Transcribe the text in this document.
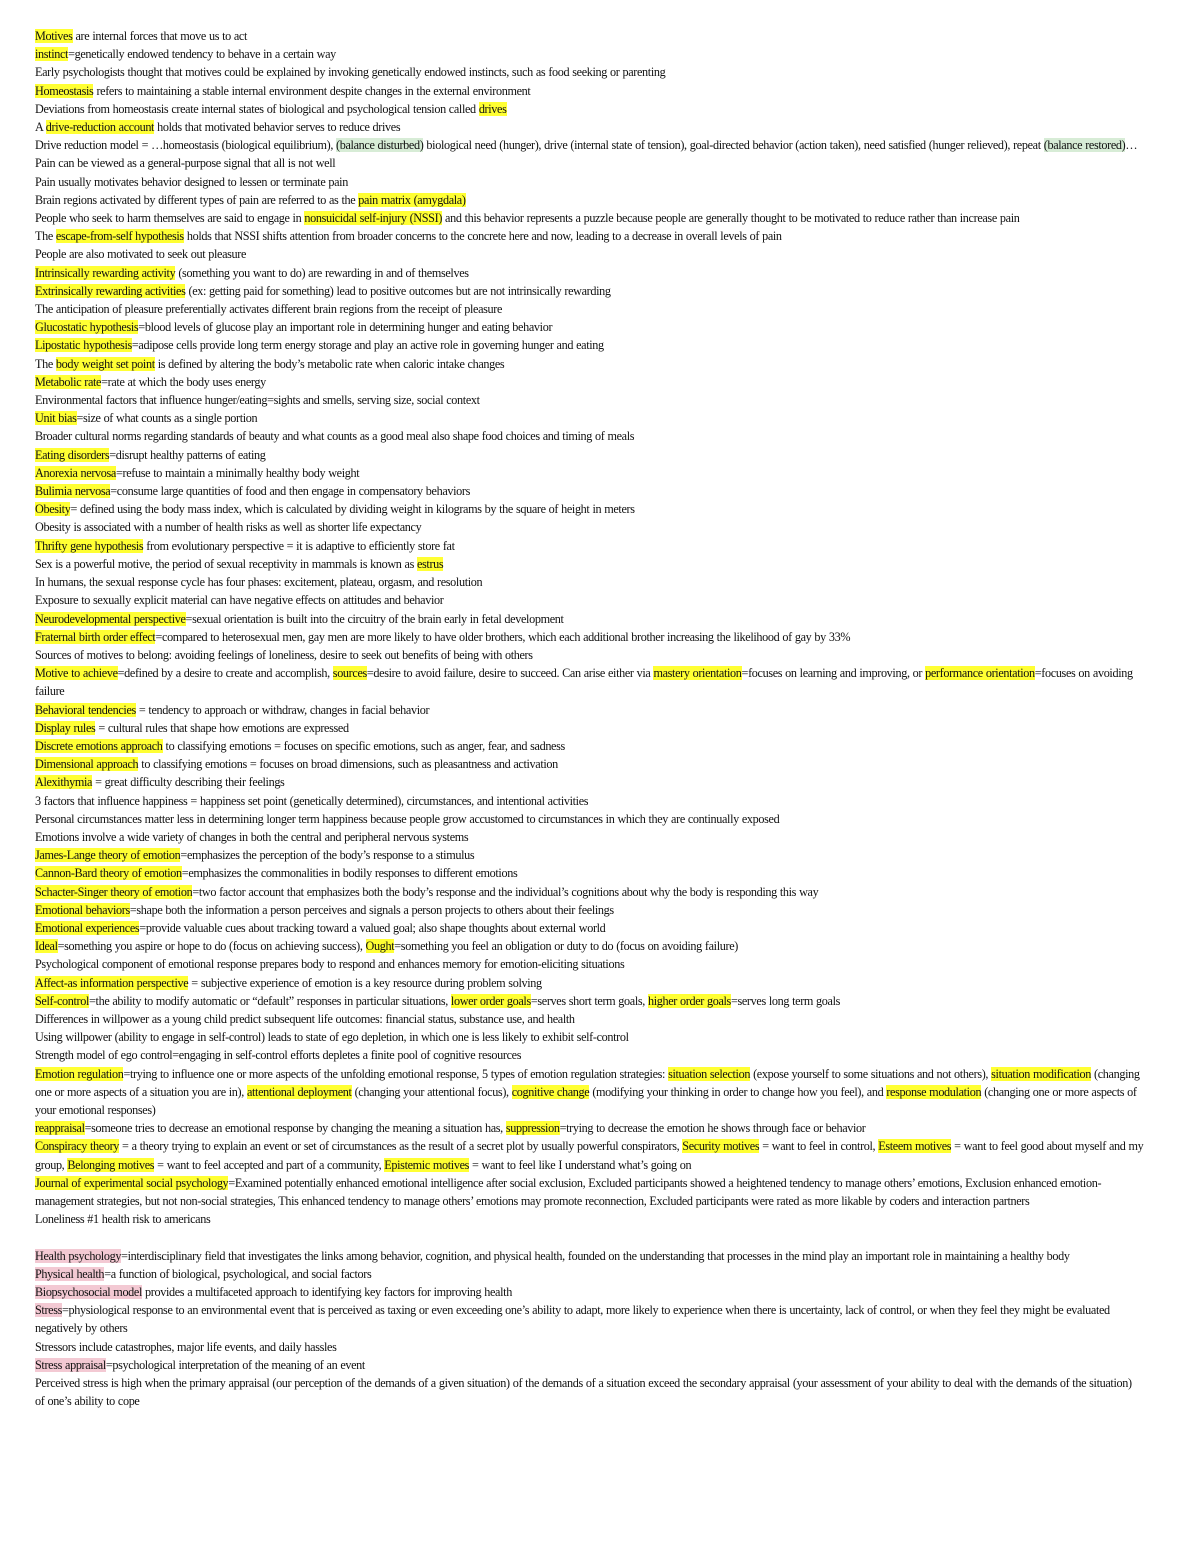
Motives are internal forces that move us to act
instinct=genetically endowed tendency to behave in a certain way
Early psychologists thought that motives could be explained by invoking genetically endowed instincts, such as food seeking or parenting
Homeostasis refers to maintaining a stable internal environment despite changes in the external environment
Deviations from homeostasis create internal states of biological and psychological tension called drives
A drive-reduction account holds that motivated behavior serves to reduce drives
Drive reduction model = …homeostasis (biological equilibrium), (balance disturbed) biological need (hunger), drive (internal state of tension), goal-directed behavior (action taken), need satisfied (hunger relieved), repeat (balance restored)…
Pain can be viewed as a general-purpose signal that all is not well
Pain usually motivates behavior designed to lessen or terminate pain
Brain regions activated by different types of pain are referred to as the pain matrix (amygdala)
People who seek to harm themselves are said to engage in nonsuicidal self-injury (NSSI) and this behavior represents a puzzle because people are generally thought to be motivated to reduce rather than increase pain
The escape-from-self hypothesis holds that NSSI shifts attention from broader concerns to the concrete here and now, leading to a decrease in overall levels of pain
People are also motivated to seek out pleasure
Intrinsically rewarding activity (something you want to do) are rewarding in and of themselves
Extrinsically rewarding activities (ex: getting paid for something) lead to positive outcomes but are not intrinsically rewarding
The anticipation of pleasure preferentially activates different brain regions from the receipt of pleasure
Glucostatic hypothesis=blood levels of glucose play an important role in determining hunger and eating behavior
Lipostatic hypothesis=adipose cells provide long term energy storage and play an active role in governing hunger and eating
The body weight set point is defined by altering the body’s metabolic rate when caloric intake changes
Metabolic rate=rate at which the body uses energy
Environmental factors that influence hunger/eating=sights and smells, serving size, social context
Unit bias=size of what counts as a single portion
Broader cultural norms regarding standards of beauty and what counts as a good meal also shape food choices and timing of meals
Eating disorders=disrupt healthy patterns of eating
Anorexia nervosa=refuse to maintain a minimally healthy body weight
Bulimia nervosa=consume large quantities of food and then engage in compensatory behaviors
Obesity= defined using the body mass index, which is calculated by dividing weight in kilograms by the square of height in meters
Obesity is associated with a number of health risks as well as shorter life expectancy
Thrifty gene hypothesis from evolutionary perspective = it is adaptive to efficiently store fat
Sex is a powerful motive, the period of sexual receptivity in mammals is known as estrus
In humans, the sexual response cycle has four phases: excitement, plateau, orgasm, and resolution
Exposure to sexually explicit material can have negative effects on attitudes and behavior
Neurodevelopmental perspective=sexual orientation is built into the circuitry of the brain early in fetal development
Fraternal birth order effect=compared to heterosexual men, gay men are more likely to have older brothers, which each additional brother increasing the likelihood of gay by 33%
Sources of motives to belong: avoiding feelings of loneliness, desire to seek out benefits of being with others
Motive to achieve=defined by a desire to create and accomplish, sources=desire to avoid failure, desire to succeed. Can arise either via mastery orientation=focuses on learning and improving, or performance orientation=focuses on avoiding failure
Behavioral tendencies = tendency to approach or withdraw, changes in facial behavior
Display rules = cultural rules that shape how emotions are expressed
Discrete emotions approach to classifying emotions = focuses on specific emotions, such as anger, fear, and sadness
Dimensional approach to classifying emotions = focuses on broad dimensions, such as pleasantness and activation
Alexithymia = great difficulty describing their feelings
3 factors that influence happiness = happiness set point (genetically determined), circumstances, and intentional activities
Personal circumstances matter less in determining longer term happiness because people grow accustomed to circumstances in which they are continually exposed
Emotions involve a wide variety of changes in both the central and peripheral nervous systems
James-Lange theory of emotion=emphasizes the perception of the body’s response to a stimulus
Cannon-Bard theory of emotion=emphasizes the commonalities in bodily responses to different emotions
Schacter-Singer theory of emotion=two factor account that emphasizes both the body’s response and the individual’s cognitions about why the body is responding this way
Emotional behaviors=shape both the information a person perceives and signals a person projects to others about their feelings
Emotional experiences=provide valuable cues about tracking toward a valued goal; also shape thoughts about external world
Ideal=something you aspire or hope to do (focus on achieving success), Ought=something you feel an obligation or duty to do (focus on avoiding failure)
Psychological component of emotional response prepares body to respond and enhances memory for emotion-eliciting situations
Affect-as information perspective = subjective experience of emotion is a key resource during problem solving
Self-control=the ability to modify automatic or “default” responses in particular situations, lower order goals=serves short term goals, higher order goals=serves long term goals
Differences in willpower as a young child predict subsequent life outcomes: financial status, substance use, and health
Using willpower (ability to engage in self-control) leads to state of ego depletion, in which one is less likely to exhibit self-control
Strength model of ego control=engaging in self-control efforts depletes a finite pool of cognitive resources
Emotion regulation=trying to influence one or more aspects of the unfolding emotional response, 5 types of emotion regulation strategies: situation selection (expose yourself to some situations and not others), situation modification (changing one or more aspects of a situation you are in), attentional deployment (changing your attentional focus), cognitive change (modifying your thinking in order to change how you feel), and response modulation (changing one or more aspects of your emotional responses)
reappraisal=someone tries to decrease an emotional response by changing the meaning a situation has, suppression=trying to decrease the emotion he shows through face or behavior
Conspiracy theory = a theory trying to explain an event or set of circumstances as the result of a secret plot by usually powerful conspirators, Security motives = want to feel in control, Esteem motives = want to feel good about myself and my group, Belonging motives = want to feel accepted and part of a community, Epistemic motives = want to feel like I understand what’s going on
Journal of experimental social psychology=Examined potentially enhanced emotional intelligence after social exclusion, Excluded participants showed a heightened tendency to manage others’ emotions, Exclusion enhanced emotion-management strategies, but not non-social strategies, This enhanced tendency to manage others’ emotions may promote reconnection, Excluded participants were rated as more likable by coders and interaction partners
Loneliness #1 health risk to americans
Health psychology=interdisciplinary field that investigates the links among behavior, cognition, and physical health, founded on the understanding that processes in the mind play an important role in maintaining a healthy body
Physical health=a function of biological, psychological, and social factors
Biopsychosocial model provides a multifaceted approach to identifying key factors for improving health
Stress=physiological response to an environmental event that is perceived as taxing or even exceeding one’s ability to adapt, more likely to experience when there is uncertainty, lack of control, or when they feel they might be evaluated negatively by others
Stressors include catastrophes, major life events, and daily hassles
Stress appraisal=psychological interpretation of the meaning of an event
Perceived stress is high when the primary appraisal (our perception of the demands of a given situation) of the demands of a situation exceed the secondary appraisal (your assessment of your ability to deal with the demands of the situation) of one’s ability to cope
